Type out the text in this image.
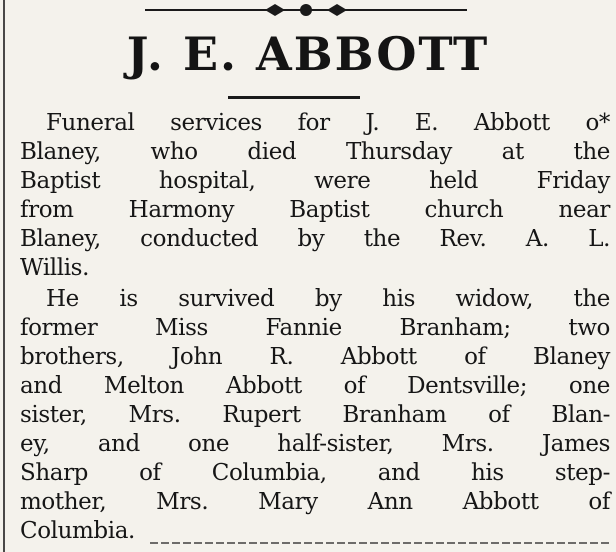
J. E. ABBOTT
Funeral services for J. E. Abbott o*
Blaney, who died Thursday at the
Baptist hospital, were held Friday
from Harmony Baptist church near
Blaney, conducted by the Rev. A. L.
Willis.
He is survived by his widow, the
former Miss Fannie Branham; two
brothers, John R. Abbott of Blaney
and Melton Abbott of Dentsville; one
sister, Mrs. Rupert Branham of Blan-
ey, and one half-sister, Mrs. James
Sharp of Columbia, and his step-
mother, Mrs. Mary Ann Abbott of
Columbia.
